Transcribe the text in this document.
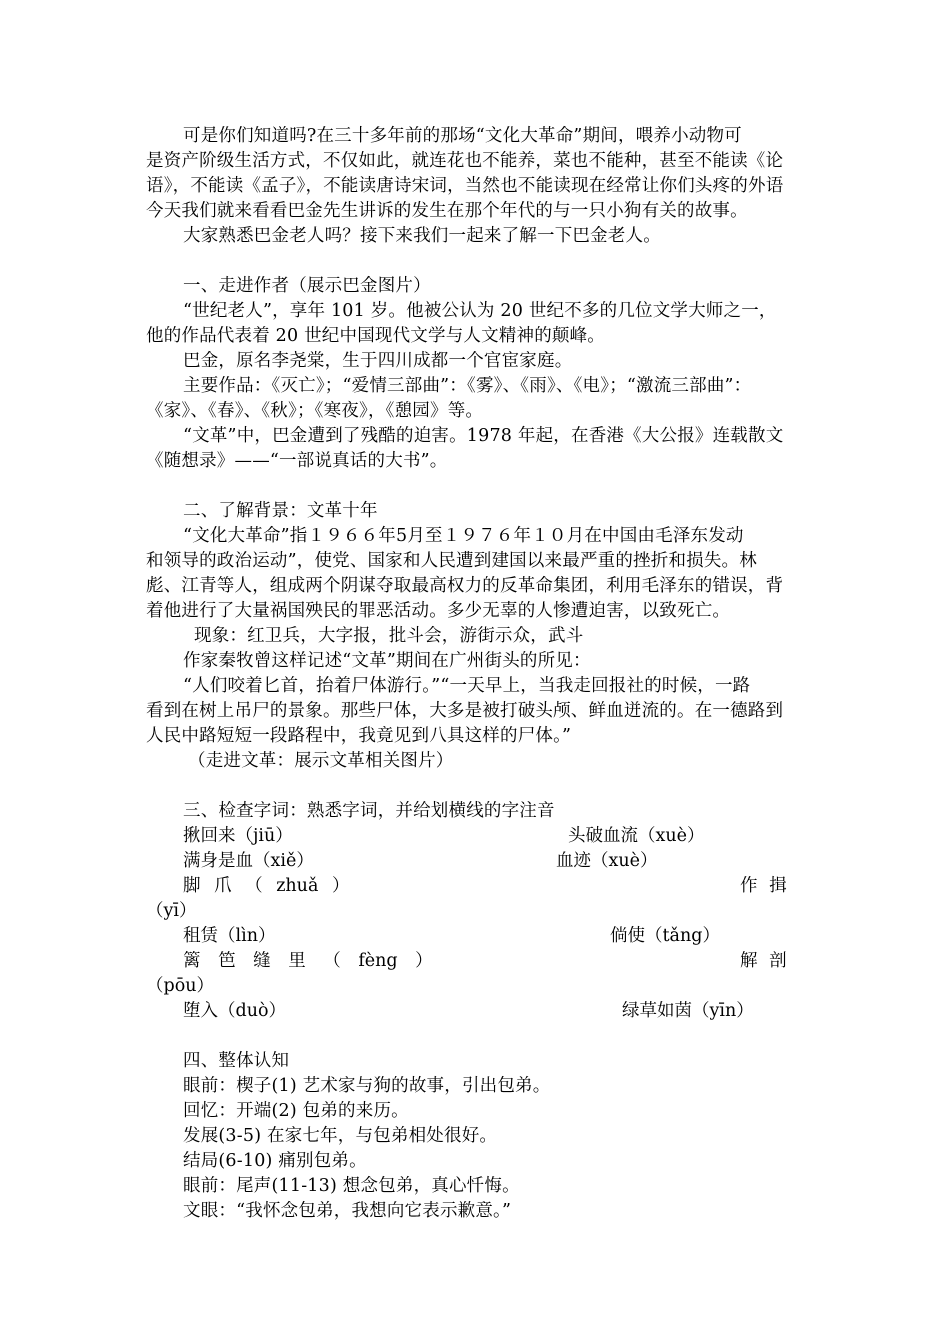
可是你们知道吗?在三十多年前的那场“文化大革命”期间，喂养小动物可
是资产阶级生活方式，不仅如此，就连花也不能养，菜也不能种，甚至不能读《论
语》，不能读《孟子》，不能读唐诗宋词，当然也不能读现在经常让你们头疼的外语
今天我们就来看看巴金先生讲诉的发生在那个年代的与一只小狗有关的故事。
大家熟悉巴金老人吗？接下来我们一起来了解一下巴金老人。
一、走进作者（展示巴金图片）
“世纪老人”，享年 101 岁。他被公认为 20 世纪不多的几位文学大师之一，
他的作品代表着 20 世纪中国现代文学与人文精神的颠峰。
巴金，原名李尧棠，生于四川成都一个官宦家庭。
主要作品：《灭亡》；“爱情三部曲”：《雾》、《雨》、《电》；“激流三部曲”：
《家》、《春》、《秋》；《寒夜》，《憩园》等。
“文革”中，巴金遭到了残酷的迫害。1978 年起，在香港《大公报》连载散文
《随想录》——“一部说真话的大书”。
二、了解背景：文革十年
“文化大革命”指１９６６年5月至１９７６年１０月在中国由毛泽东发动
和领导的政治运动”，使党、国家和人民遭到建国以来最严重的挫折和损失。林
彪、江青等人，组成两个阴谋夺取最高权力的反革命集团，利用毛泽东的错误，背
着他进行了大量祸国殃民的罪恶活动。多少无辜的人惨遭迫害，以致死亡。
现象：红卫兵，大字报，批斗会，游街示众，武斗
作家秦牧曾这样记述“文革”期间在广州街头的所见：
“人们咬着匕首，抬着尸体游行。”“一天早上，当我走回报社的时候，一路
看到在树上吊尸的景象。那些尸体，大多是被打破头颅、鲜血迸流的。在一德路到
人民中路短短一段路程中，我竟见到八具这样的尸体。”
（走进文革：展示文革相关图片）
三、检查字词：熟悉字词，并给划横线的字注音
揪回来（jiū）	头破血流（xuè）
满身是血（xiě）	血迹（xuè）
脚 爪 （ zhuǎ ）	作 揖
（yī）
租赁（lìn）	倘使（tǎng）
篱 笆 缝 里 （ fèng ）	解 剖
（pōu）
堕入（duò）	绿草如茵（yīn）
四、整体认知
眼前：楔子(1) 艺术家与狗的故事，引出包弟。
回忆：开端(2) 包弟的来历。
发展(3-5) 在家七年，与包弟相处很好。
结局(6-10) 痛别包弟。
眼前：尾声(11-13) 想念包弟，真心忏悔。
文眼：“我怀念包弟，我想向它表示歉意。”
